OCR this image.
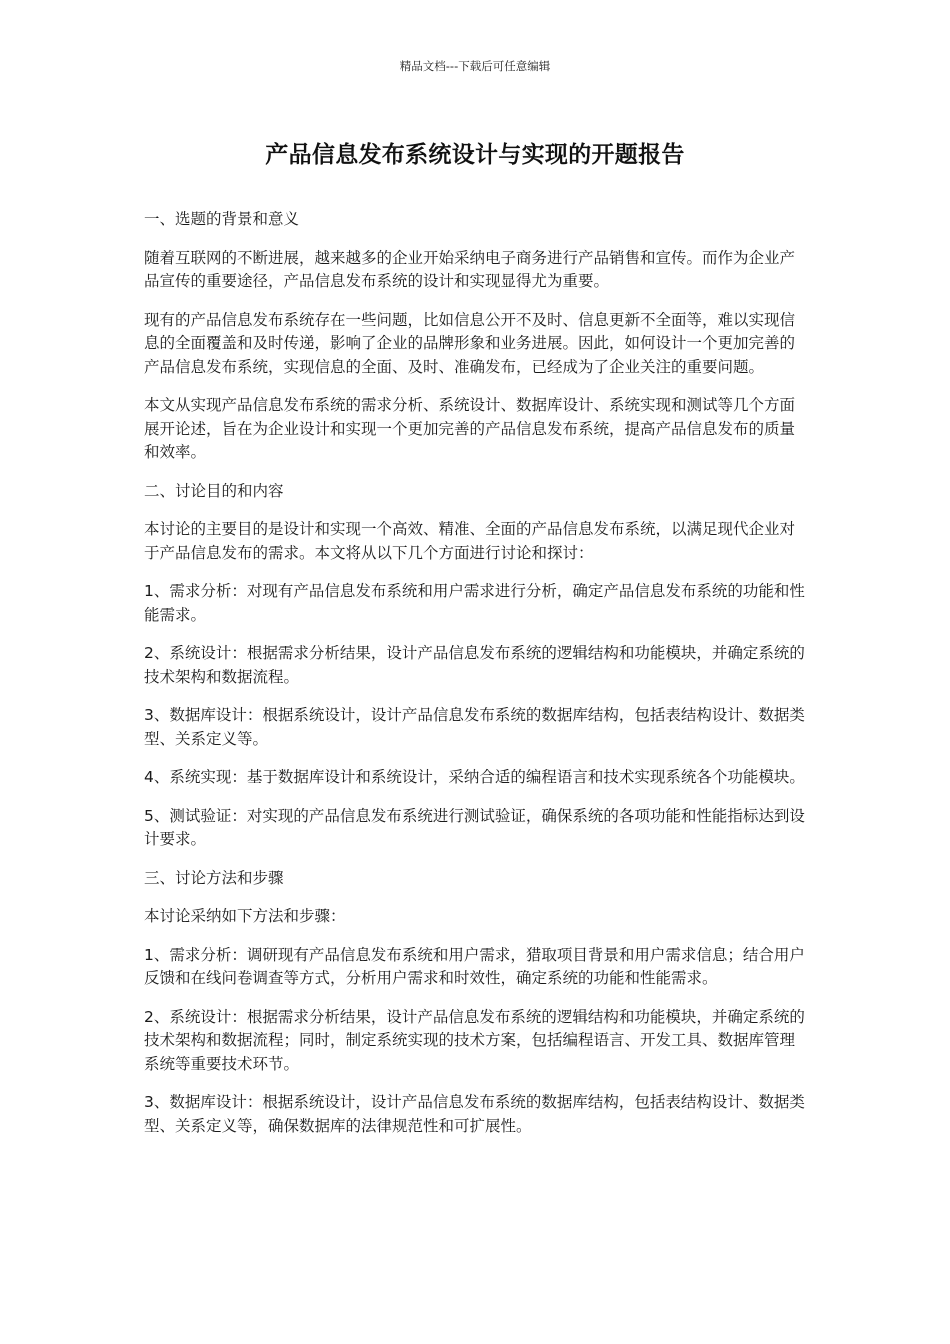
精品文档---下载后可任意编辑
产品信息发布系统设计与实现的开题报告

一、选题的背景和意义

随着互联网的不断进展，越来越多的企业开始采纳电子商务进行产品销售和宣传。而作为企业产品宣传的重要途径，产品信息发布系统的设计和实现显得尤为重要。

现有的产品信息发布系统存在一些问题，比如信息公开不及时、信息更新不全面等，难以实现信息的全面覆盖和及时传递，影响了企业的品牌形象和业务进展。因此，如何设计一个更加完善的产品信息发布系统，实现信息的全面、及时、准确发布，已经成为了企业关注的重要问题。

本文从实现产品信息发布系统的需求分析、系统设计、数据库设计、系统实现和测试等几个方面展开论述，旨在为企业设计和实现一个更加完善的产品信息发布系统，提高产品信息发布的质量和效率。

二、讨论目的和内容

本讨论的主要目的是设计和实现一个高效、精准、全面的产品信息发布系统，以满足现代企业对于产品信息发布的需求。本文将从以下几个方面进行讨论和探讨：

1、需求分析：对现有产品信息发布系统和用户需求进行分析，确定产品信息发布系统的功能和性能需求。

2、系统设计：根据需求分析结果，设计产品信息发布系统的逻辑结构和功能模块，并确定系统的技术架构和数据流程。

3、数据库设计：根据系统设计，设计产品信息发布系统的数据库结构，包括表结构设计、数据类型、关系定义等。

4、系统实现：基于数据库设计和系统设计，采纳合适的编程语言和技术实现系统各个功能模块。

5、测试验证：对实现的产品信息发布系统进行测试验证，确保系统的各项功能和性能指标达到设计要求。

三、讨论方法和步骤

本讨论采纳如下方法和步骤：

1、需求分析：调研现有产品信息发布系统和用户需求，猎取项目背景和用户需求信息；结合用户反馈和在线问卷调查等方式，分析用户需求和时效性，确定系统的功能和性能需求。

2、系统设计：根据需求分析结果，设计产品信息发布系统的逻辑结构和功能模块，并确定系统的技术架构和数据流程；同时，制定系统实现的技术方案，包括编程语言、开发工具、数据库管理系统等重要技术环节。

3、数据库设计：根据系统设计，设计产品信息发布系统的数据库结构，包括表结构设计、数据类型、关系定义等，确保数据库的法律规范性和可扩展性。
